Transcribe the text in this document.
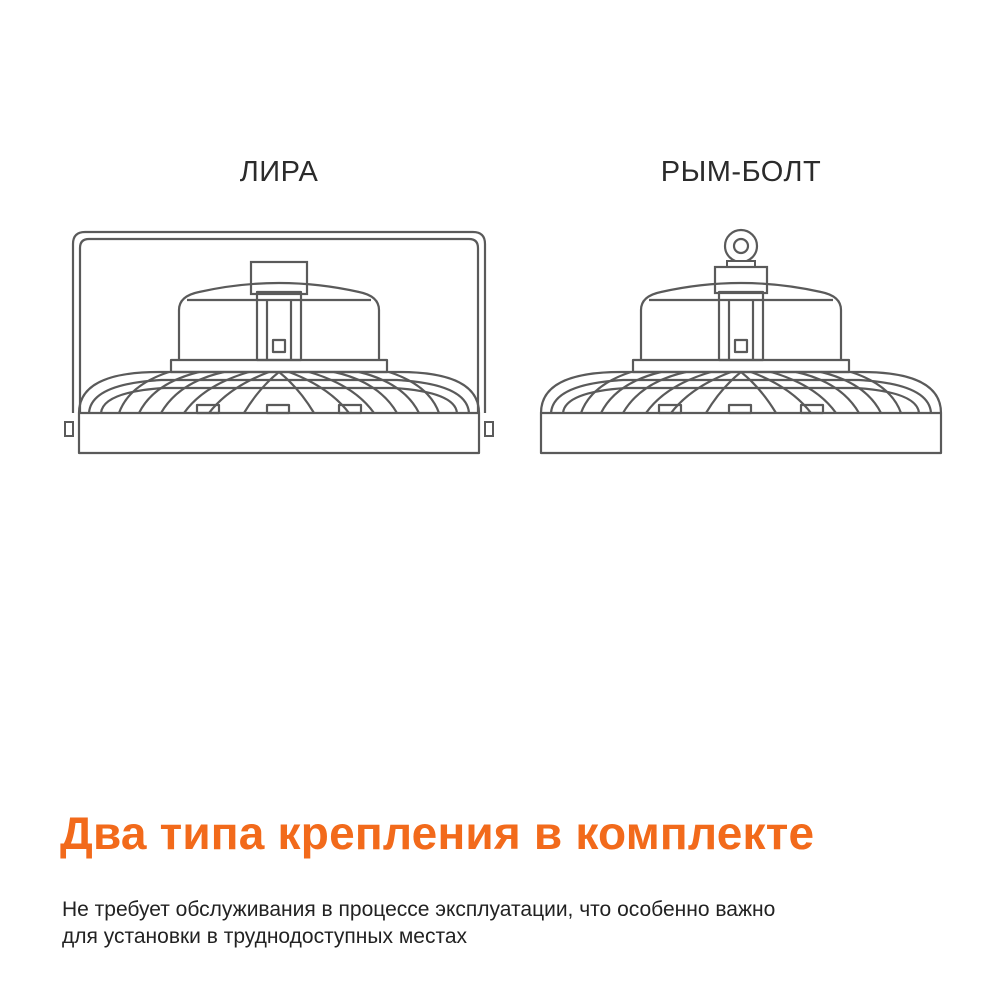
ЛИРА	РЫМ-БОЛТ
Два типа крепления в комплекте
Не требует обслуживания в процессе эксплуатации, что особенно важно
для установки в труднодоступных местах
